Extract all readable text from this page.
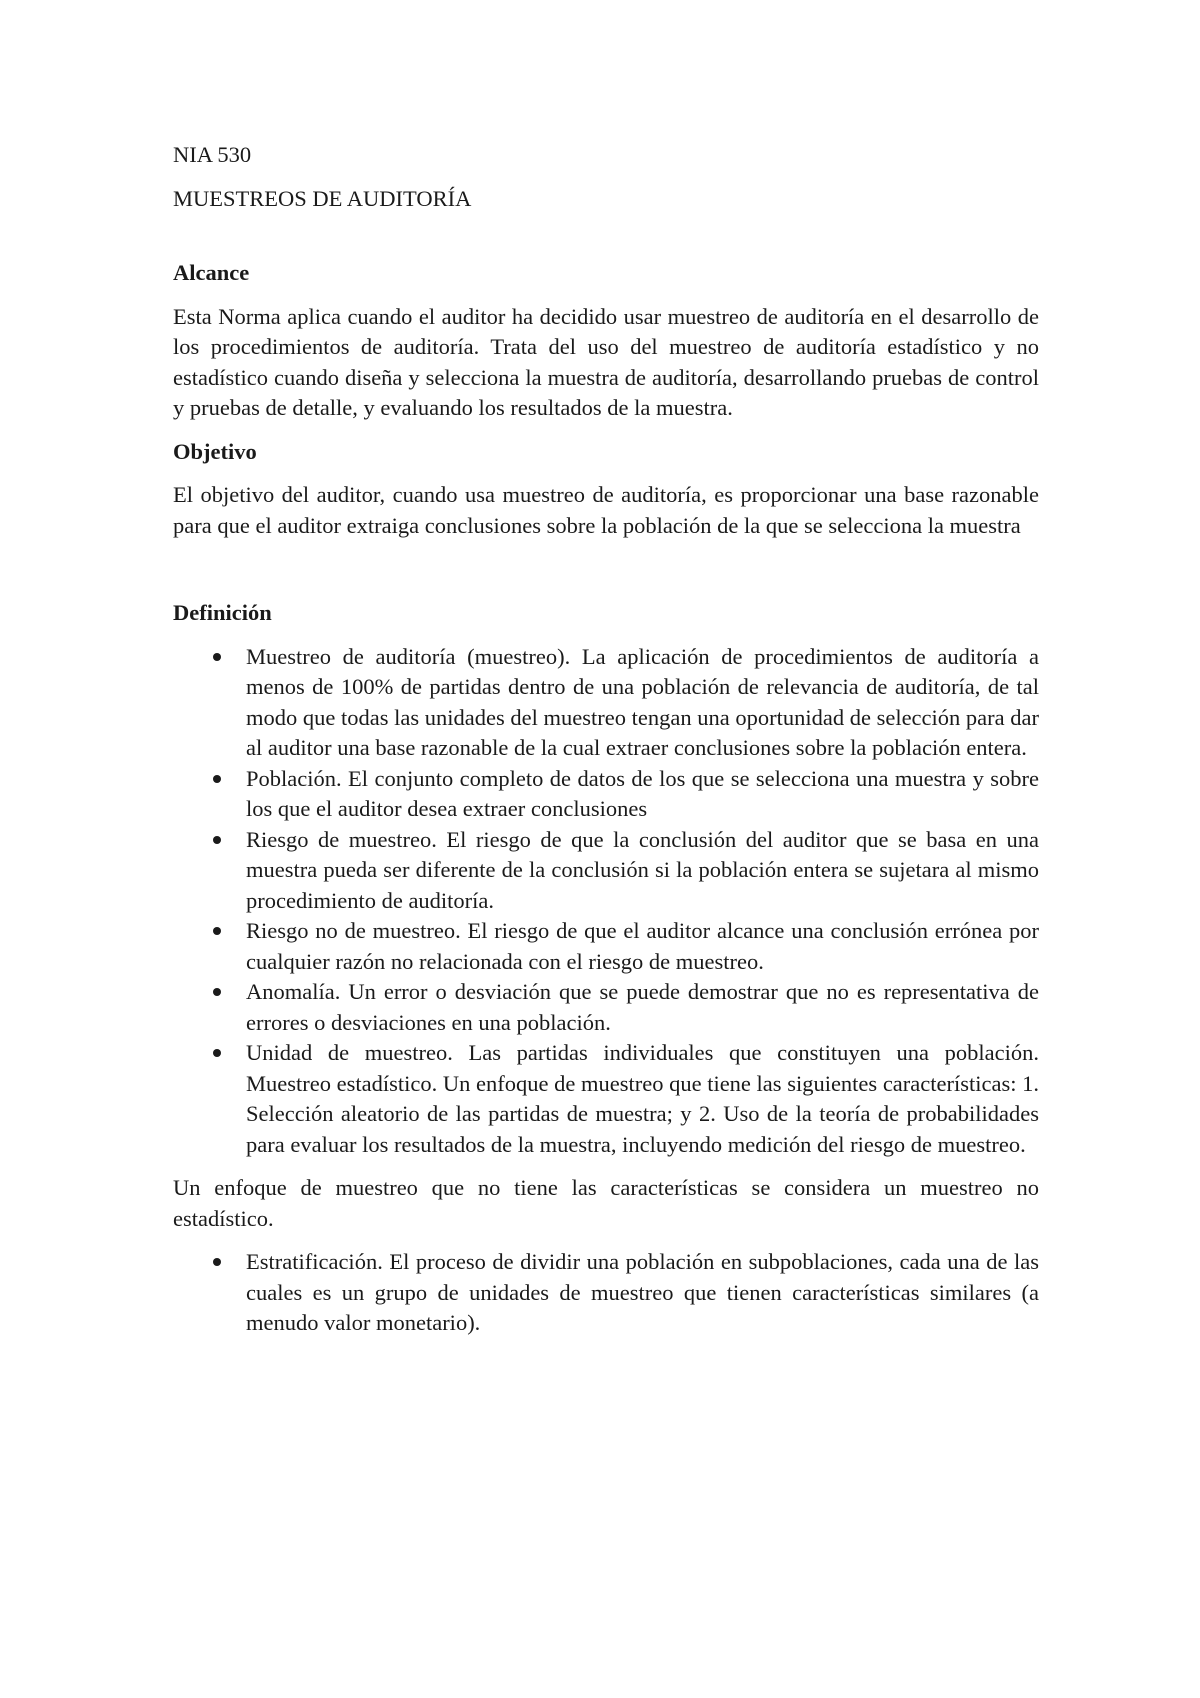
NIA 530
MUESTREOS DE AUDITORÍA
Alcance

Esta Norma aplica cuando el auditor ha decidido usar muestreo de auditoría en el desarrollo de los procedimientos de auditoría. Trata del uso del muestreo de auditoría estadístico y no estadístico cuando diseña y selecciona la muestra de auditoría, desarrollando pruebas de control y pruebas de detalle, y evaluando los resultados de la muestra.

Objetivo

El objetivo del auditor, cuando usa muestreo de auditoría, es proporcionar una base razonable para que el auditor extraiga conclusiones sobre la población de la que se selecciona la muestra

Definición
Muestreo de auditoría (muestreo). La aplicación de procedimientos de auditoría a menos de 100% de partidas dentro de una población de relevancia de auditoría, de tal modo que todas las unidades del muestreo tengan una oportunidad de selección para dar al auditor una base razonable de la cual extraer conclusiones sobre la población entera.
Población. El conjunto completo de datos de los que se selecciona una muestra y sobre los que el auditor desea extraer conclusiones
Riesgo de muestreo. El riesgo de que la conclusión del auditor que se basa en una muestra pueda ser diferente de la conclusión si la población entera se sujetara al mismo procedimiento de auditoría.
Riesgo no de muestreo. El riesgo de que el auditor alcance una conclusión errónea por cualquier razón no relacionada con el riesgo de muestreo.
Anomalía. Un error o desviación que se puede demostrar que no es representativa de errores o desviaciones en una población.
Unidad de muestreo. Las partidas individuales que constituyen una población. Muestreo estadístico. Un enfoque de muestreo que tiene las siguientes características: 1. Selección aleatorio de las partidas de muestra; y 2. Uso de la teoría de probabilidades para evaluar los resultados de la muestra, incluyendo medición del riesgo de muestreo.

Un enfoque de muestreo que no tiene las características se considera un muestreo no estadístico.

Estratificación. El proceso de dividir una población en subpoblaciones, cada una de las cuales es un grupo de unidades de muestreo que tienen características similares (a menudo valor monetario).
